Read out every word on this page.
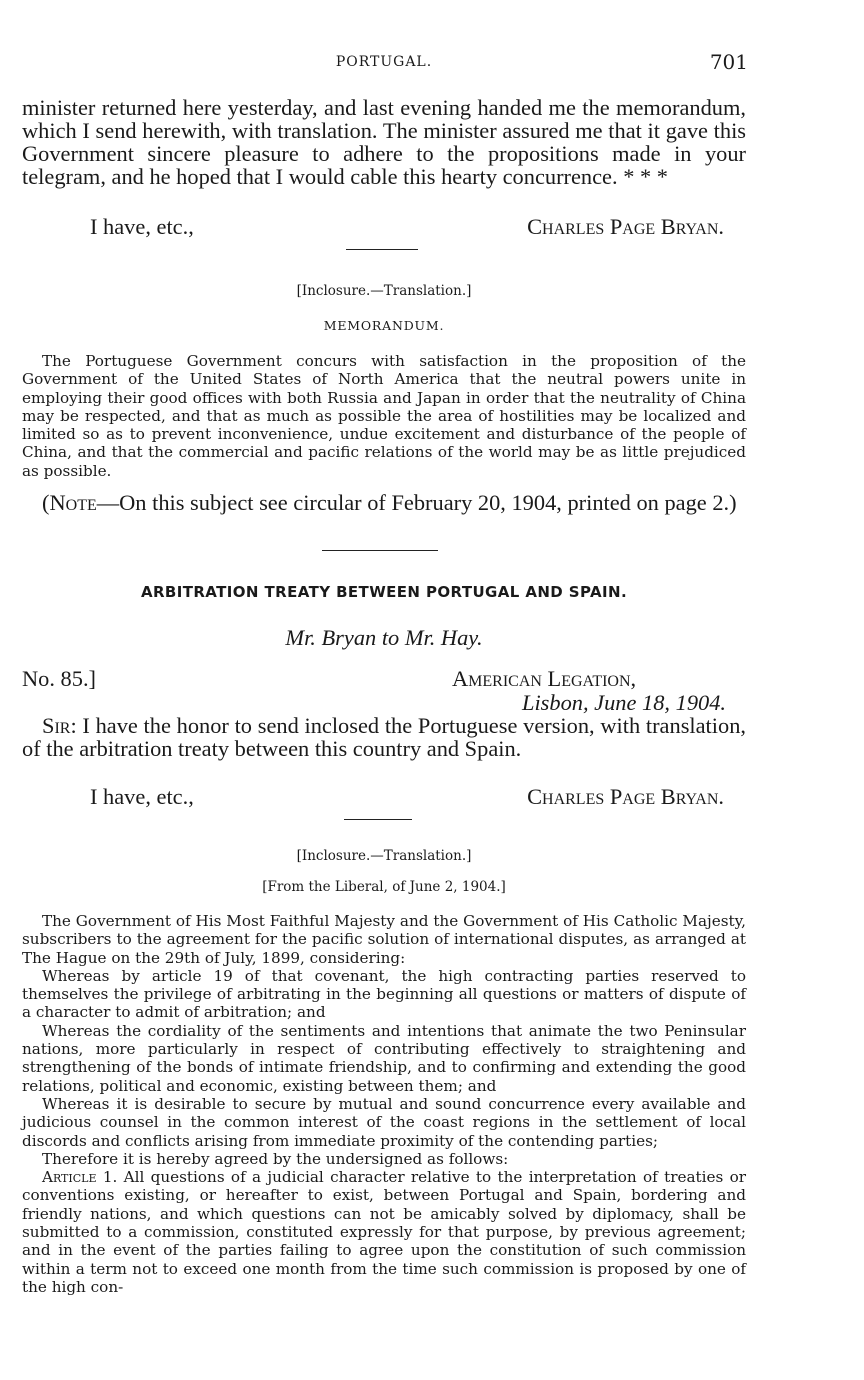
PORTUGAL.	701

minister returned here yesterday, and last evening handed me the memorandum, which I send herewith, with translation. The minister assured me that it gave this Government sincere pleasure to adhere to the propositions made in your telegram, and he hoped that I would cable this hearty concurrence. * * *

I have, etc.,	Charles Page Bryan.
[Inclosure.—Translation.]
MEMORANDUM.

The Portuguese Government concurs with satisfaction in the proposition of the Government of the United States of North America that the neutral powers unite in employing their good offices with both Russia and Japan in order that the neutrality of China may be respected, and that as much as possible the area of hostilities may be localized and limited so as to prevent inconvenience, undue excitement and disturbance of the people of China, and that the commercial and pacific relations of the world may be as little prejudiced as possible.

(Note—On this subject see circular of February 20, 1904, printed on page 2.)

ARBITRATION TREATY BETWEEN PORTUGAL AND SPAIN.
Mr. Bryan to Mr. Hay.
No. 85.]	American Legation,
Lisbon, June 18, 1904.

Sir: I have the honor to send inclosed the Portuguese version, with translation, of the arbitration treaty between this country and Spain.

I have, etc.,	Charles Page Bryan.
[Inclosure.—Translation.]
[From the Liberal, of June 2, 1904.]

The Government of His Most Faithful Majesty and the Government of His Catholic Majesty, subscribers to the agreement for the pacific solution of international disputes, as arranged at The Hague on the 29th of July, 1899, considering:

Whereas by article 19 of that covenant, the high contracting parties reserved to themselves the privilege of arbitrating in the beginning all questions or matters of dispute of a character to admit of arbitration; and

Whereas the cordiality of the sentiments and intentions that animate the two Peninsular nations, more particularly in respect of contributing effectively to straightening and strengthening of the bonds of intimate friendship, and to confirming and extending the good relations, political and economic, existing between them; and

Whereas it is desirable to secure by mutual and sound concurrence every available and judicious counsel in the common interest of the coast regions in the settlement of local discords and conflicts arising from immediate proximity of the contending parties;

Therefore it is hereby agreed by the undersigned as follows:

Article 1. All questions of a judicial character relative to the interpretation of treaties or conventions existing, or hereafter to exist, between Portugal and Spain, bordering and friendly nations, and which questions can not be amicably solved by diplomacy, shall be submitted to a commission, constituted expressly for that purpose, by previous agreement; and in the event of the parties failing to agree upon the constitution of such commission within a term not to exceed one month from the time such commission is proposed by one of the high con-
